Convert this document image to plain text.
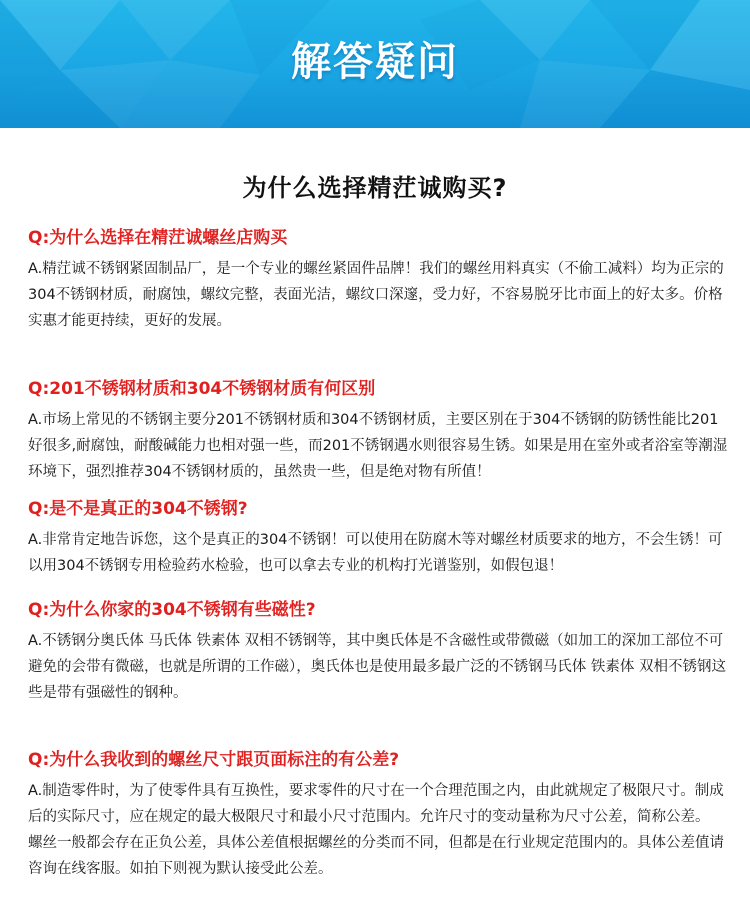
解答疑问
为什么选择精茳诚购买?
Q:为什么选择在精茳诚螺丝店购买
A.精茳诚不锈钢紧固制品厂，是一个专业的螺丝紧固件品牌！我们的螺丝用料真实（不偷工减料）均为正宗的304不锈钢材质，耐腐蚀，螺纹完整，表面光洁，螺纹口深邃，受力好，不容易脱牙比市面上的好太多。价格实惠才能更持续，更好的发展。
Q:201不锈钢材质和304不锈钢材质有何区别
A.市场上常见的不锈钢主要分201不锈钢材质和304不锈钢材质，主要区别在于304不锈钢的防锈性能比201好很多,耐腐蚀，耐酸碱能力也相对强一些，而201不锈钢遇水则很容易生锈。如果是用在室外或者浴室等潮湿环境下，强烈推荐304不锈钢材质的，虽然贵一些，但是绝对物有所值！
Q:是不是真正的304不锈钢?
A.非常肯定地告诉您，这个是真正的304不锈钢！可以使用在防腐木等对螺丝材质要求的地方，不会生锈！可以用304不锈钢专用检验药水检验，也可以拿去专业的机构打光谱鉴别，如假包退！
Q:为什么你家的304不锈钢有些磁性?
A.不锈钢分奥氏体 马氏体 铁素体 双相不锈钢等，其中奥氏体是不含磁性或带微磁（如加工的深加工部位不可避免的会带有微磁，也就是所谓的工作磁），奥氏体也是使用最多最广泛的不锈钢马氏体 铁素体 双相不锈钢这些是带有强磁性的钢种。
Q:为什么我收到的螺丝尺寸跟页面标注的有公差?
A.制造零件时，为了使零件具有互换性，要求零件的尺寸在一个合理范围之内，由此就规定了极限尺寸。制成后的实际尺寸，应在规定的最大极限尺寸和最小尺寸范围内。允许尺寸的变动量称为尺寸公差，简称公差。
螺丝一般都会存在正负公差，具体公差值根据螺丝的分类而不同，但都是在行业规定范围内的。具体公差值请咨询在线客服。如拍下则视为默认接受此公差。
